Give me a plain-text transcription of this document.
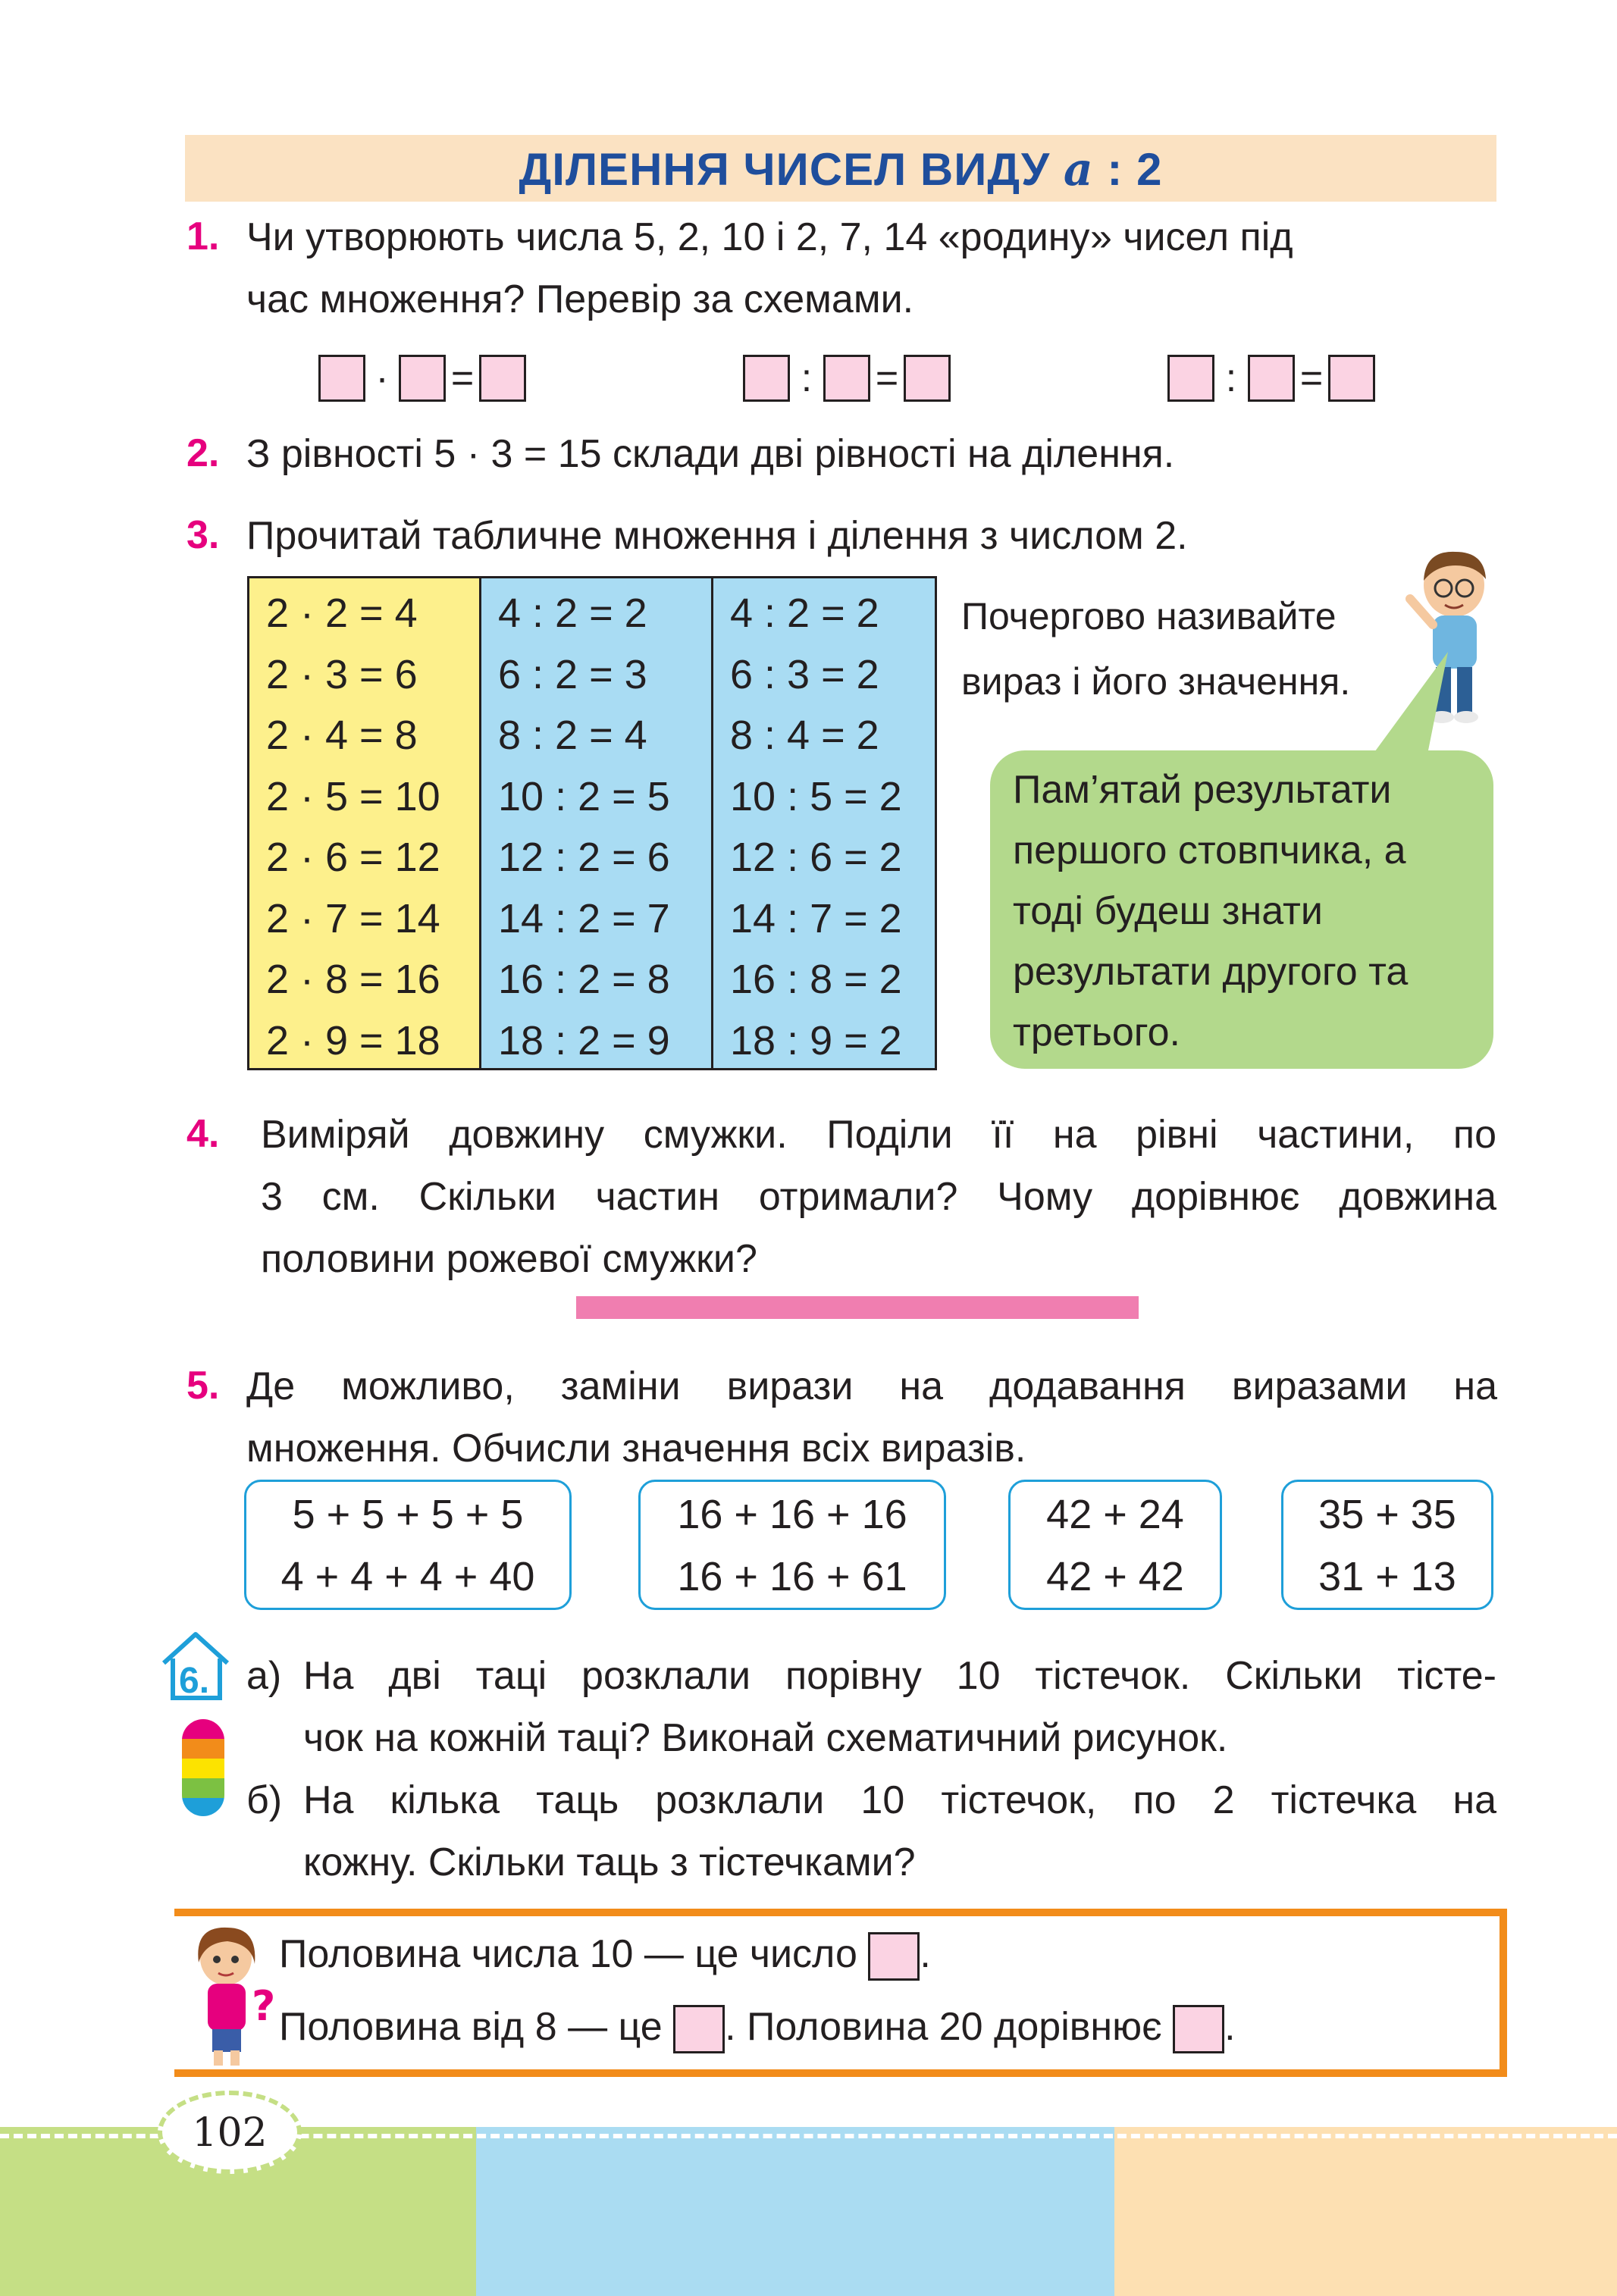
ДІЛЕННЯ ЧИСЕЛ ВИДУ а : 2
1. Чи утворюють числа 5, 2, 10 і 2, 7, 14 «родину» чисел під
час множення? Перевір за схемами.
· =	: =	: =
2. З рівності 5 · 3 = 15 склади дві рівності на ділення.
3. Прочитай табличне множення і ділення з числом 2.
2 · 2 = 4
2 · 3 = 6
2 · 4 = 8
2 · 5 = 10
2 · 6 = 12
2 · 7 = 14
2 · 8 = 16
2 · 9 = 18
4 : 2 = 2
6 : 2 = 3
8 : 2 = 4
10 : 2 = 5
12 : 2 = 6
14 : 2 = 7
16 : 2 = 8
18 : 2 = 9
4 : 2 = 2
6 : 3 = 2
8 : 4 = 2
10 : 5 = 2
12 : 6 = 2
14 : 7 = 2
16 : 8 = 2
18 : 9 = 2
Почергово називайте
вираз і його значення.
Пам’ятай результати
першого стовпчика, а
тоді будеш знати
результати другого та
третього.
4. Виміряй довжину смужки. Поділи її на рівні частини, по
3 см. Скільки частин отримали? Чому дорівнює довжина
половини рожевої смужки?
5. Де можливо, заміни вирази на додавання виразами на
множення. Обчисли значення всіх виразів.
5 + 5 + 5 + 5
4 + 4 + 4 + 40
16 + 16 + 16
16 + 16 + 61
42 + 24
42 + 42
35 + 35
31 + 13
6. а) На дві таці розклали порівну 10 тістечок. Скільки тісте-
чок на кожній таці? Виконай схематичний рисунок.
б) На кілька таць розклали 10 тістечок, по 2 тістечка на
кожну. Скільки таць з тістечками?
?
Половина числа 10 — це число .
Половина від 8 — це . Половина 20 дорівнює .
102
